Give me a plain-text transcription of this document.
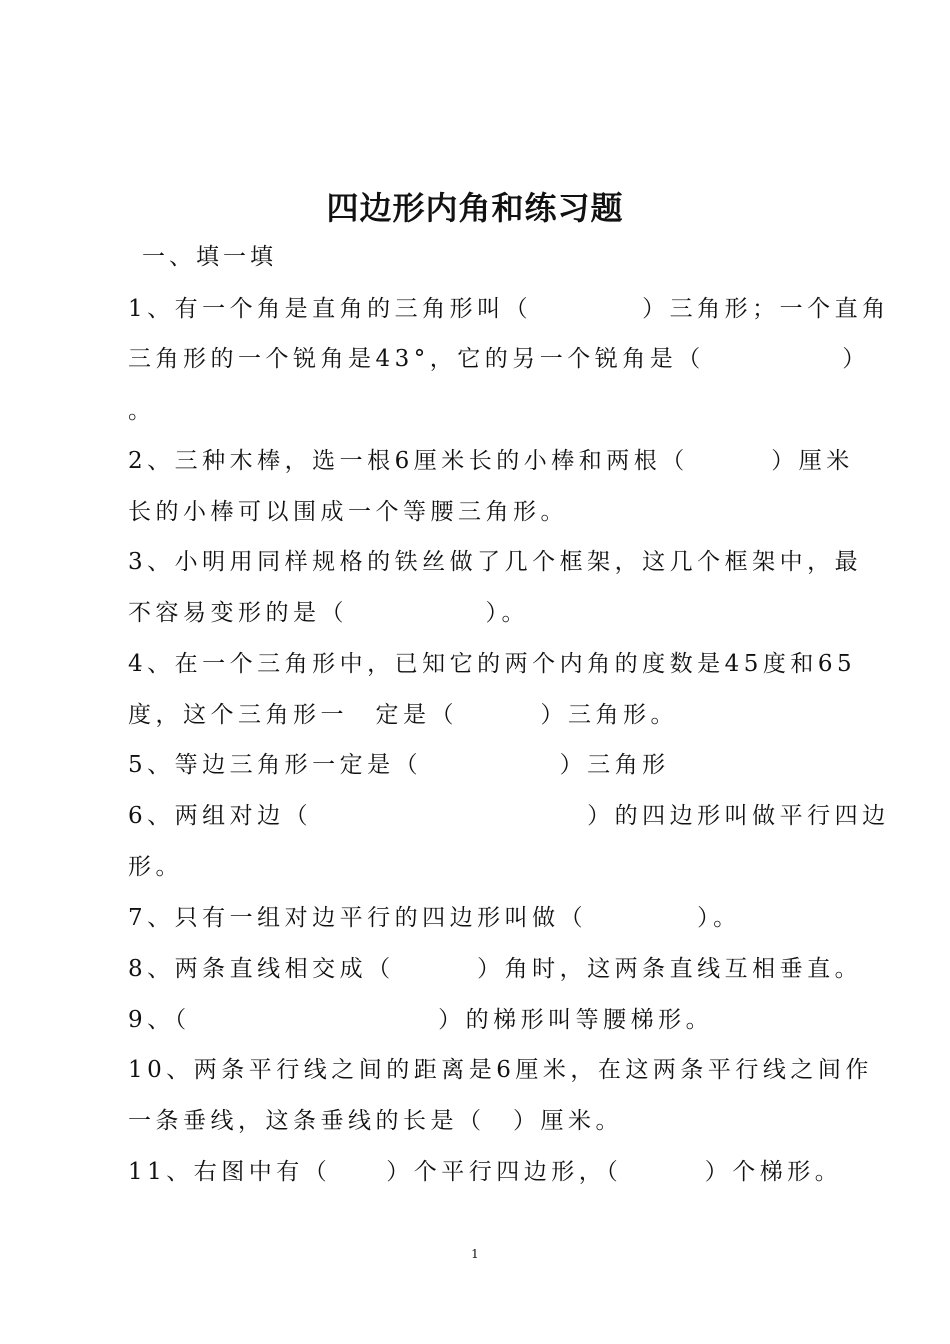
四边形内角和练习题
一、填一填
1、有一个角是直角的三角形叫（　　　　）三角形；一个直角
三角形的一个锐角是43°，它的另一个锐角是（　　　　　）
。
2、三种木棒，选一根6厘米长的小棒和两根（　　　）厘米
长的小棒可以围成一个等腰三角形。
3、小明用同样规格的铁丝做了几个框架，这几个框架中，最
不容易变形的是（　　　　　）。
4、在一个三角形中，已知它的两个内角的度数是45度和65
度，这个三角形一　定是（　　　）三角形。
5、等边三角形一定是（　　　　　）三角形
6、两组对边（　　　　　　　　　　）的四边形叫做平行四边
形。
7、只有一组对边平行的四边形叫做（　　　　）。
8、两条直线相交成（　　　）角时，这两条直线互相垂直。
9、（　　　　　　　　　）的梯形叫等腰梯形。
10、两条平行线之间的距离是6厘米，在这两条平行线之间作
一条垂线，这条垂线的长是（　）厘米。
11、右图中有（　　）个平行四边形，（　　　）个梯形。
1
